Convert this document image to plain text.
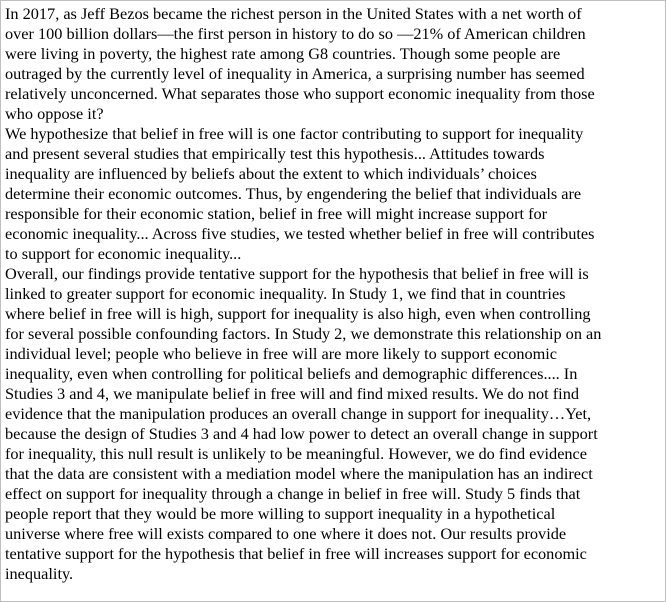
In 2017, as Jeff Bezos became the richest person in the United States with a net worth of
over 100 billion dollars—the first person in history to do so —21% of American children
were living in poverty, the highest rate among G8 countries. Though some people are
outraged by the currently level of inequality in America, a surprising number has seemed
relatively unconcerned. What separates those who support economic inequality from those
who oppose it?
We hypothesize that belief in free will is one factor contributing to support for inequality
and present several studies that empirically test this hypothesis... Attitudes towards
inequality are influenced by beliefs about the extent to which individuals’ choices
determine their economic outcomes. Thus, by engendering the belief that individuals are
responsible for their economic station, belief in free will might increase support for
economic inequality... Across five studies, we tested whether belief in free will contributes
to support for economic inequality...
Overall, our findings provide tentative support for the hypothesis that belief in free will is
linked to greater support for economic inequality. In Study 1, we find that in countries
where belief in free will is high, support for inequality is also high, even when controlling
for several possible confounding factors. In Study 2, we demonstrate this relationship on an
individual level; people who believe in free will are more likely to support economic
inequality, even when controlling for political beliefs and demographic differences.... In
Studies 3 and 4, we manipulate belief in free will and find mixed results. We do not find
evidence that the manipulation produces an overall change in support for inequality…Yet,
because the design of Studies 3 and 4 had low power to detect an overall change in support
for inequality, this null result is unlikely to be meaningful. However, we do find evidence
that the data are consistent with a mediation model where the manipulation has an indirect
effect on support for inequality through a change in belief in free will. Study 5 finds that
people report that they would be more willing to support inequality in a hypothetical
universe where free will exists compared to one where it does not. Our results provide
tentative support for the hypothesis that belief in free will increases support for economic
inequality.
